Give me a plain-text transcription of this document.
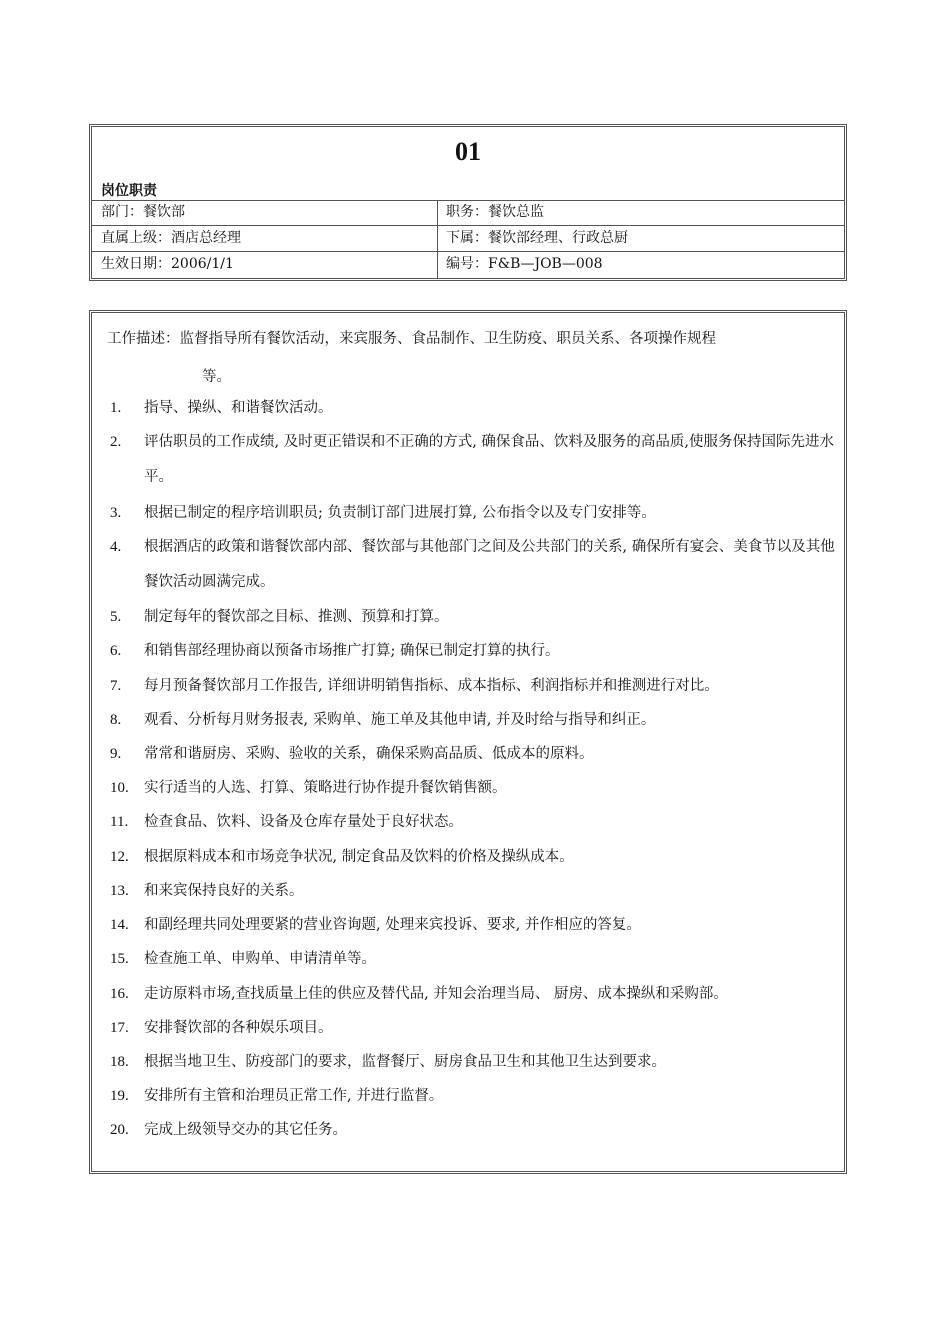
01
岗位职责
部门：餐饮部	职务：餐饮总监
直属上级：酒店总经理	下属：餐饮部经理、行政总厨
生效日期：2006/1/1	编号：F&B—JOB—008
工作描述：监督指导所有餐饮活动，来宾服务、食品制作、卫生防疫、职员关系、各项操作规程
等。
1. 指导、操纵、和谐餐饮活动。
2. 评估职员的工作成绩, 及时更正错误和不正确的方式, 确保食品、饮料及服务的高品质,使服务保持国际先进水平。
3. 根据已制定的程序培训职员; 负责制订部门进展打算, 公布指令以及专门安排等。
4. 根据酒店的政策和谐餐饮部内部、餐饮部与其他部门之间及公共部门的关系, 确保所有宴会、美食节以及其他餐饮活动圆满完成。
5. 制定每年的餐饮部之目标、推测、预算和打算。
6. 和销售部经理协商以预备市场推广打算; 确保已制定打算的执行。
7. 每月预备餐饮部月工作报告, 详细讲明销售指标、成本指标、利润指标并和推测进行对比。
8. 观看、分析每月财务报表, 采购单、施工单及其他申请, 并及时给与指导和纠正。
9. 常常和谐厨房、采购、验收的关系，确保采购高品质、低成本的原料。
10. 实行适当的人选、打算、策略进行协作提升餐饮销售额。
11. 检查食品、饮料、设备及仓库存量处于良好状态。
12. 根据原料成本和市场竞争状况, 制定食品及饮料的价格及操纵成本。
13. 和来宾保持良好的关系。
14. 和副经理共同处理要紧的营业咨询题, 处理来宾投诉、要求, 并作相应的答复。
15. 检查施工单、申购单、申请清单等。
16. 走访原料市场,查找质量上佳的供应及替代品, 并知会治理当局、 厨房、成本操纵和采购部。
17. 安排餐饮部的各种娱乐项目。
18. 根据当地卫生、防疫部门的要求，监督餐厅、厨房食品卫生和其他卫生达到要求。
19. 安排所有主管和治理员正常工作, 并进行监督。
20. 完成上级领导交办的其它任务。
